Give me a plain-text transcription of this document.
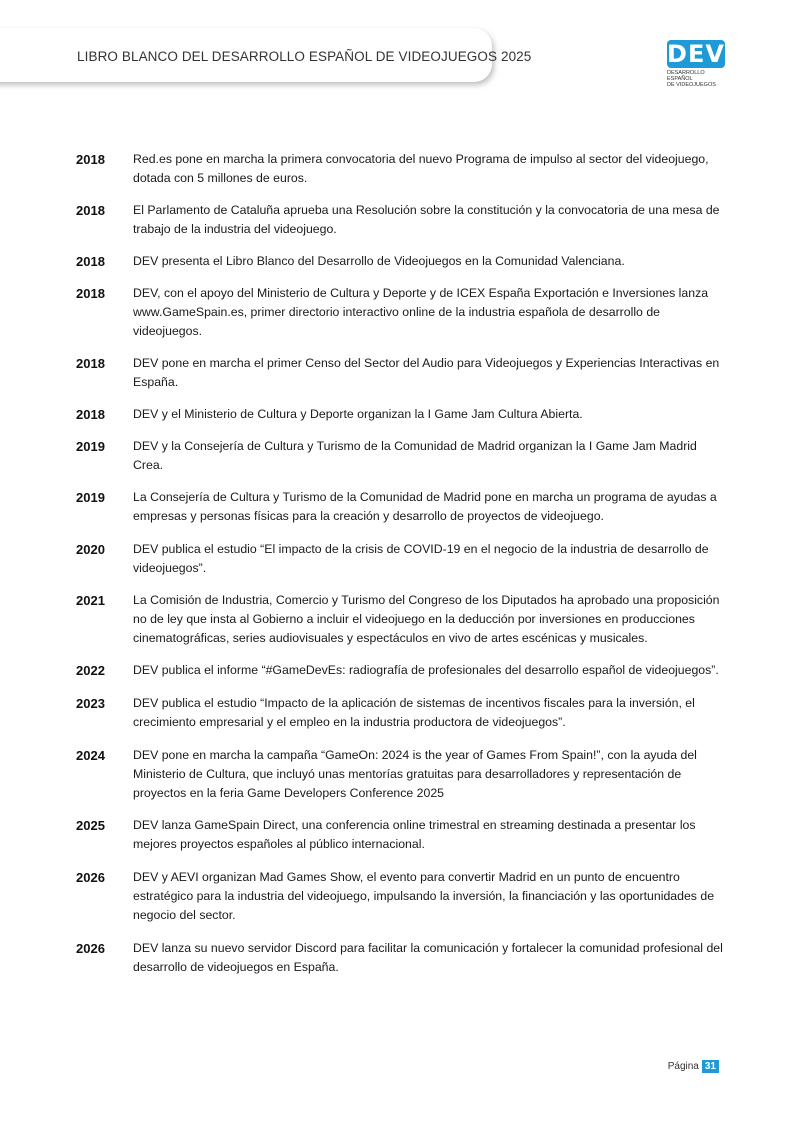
LIBRO BLANCO DEL DESARROLLO ESPAÑOL DE VIDEOJUEGOS 2025	DEV
DESARROLLO ESPAÑOL
DE VIDEOJUEGOS
2018	Red.es pone en marcha la primera convocatoria del nuevo Programa de impulso al sector del videojuego, dotada con 5 millones de euros.
2018	El Parlamento de Cataluña aprueba una Resolución sobre la constitución y la convocatoria de una mesa de trabajo de la industria del videojuego.
2018	DEV presenta el Libro Blanco del Desarrollo de Videojuegos en la Comunidad Valenciana.
2018	DEV, con el apoyo del Ministerio de Cultura y Deporte y de ICEX España Exportación e Inversiones lanza www.GameSpain.es, primer directorio interactivo online de la industria española de desarrollo de videojuegos.
2018	DEV pone en marcha el primer Censo del Sector del Audio para Videojuegos y Experiencias Interactivas en España.
2018	DEV y el Ministerio de Cultura y Deporte organizan la I Game Jam Cultura Abierta.
2019	DEV y la Consejería de Cultura y Turismo de la Comunidad de Madrid organizan la I Game Jam Madrid Crea.
2019	La Consejería de Cultura y Turismo de la Comunidad de Madrid pone en marcha un programa de ayudas a empresas y personas físicas para la creación y desarrollo de proyectos de videojuego.
2020	DEV publica el estudio “El impacto de la crisis de COVID-19 en el negocio de la industria de desarrollo de videojuegos”.
2021	La Comisión de Industria, Comercio y Turismo del Congreso de los Diputados ha aprobado una proposición no de ley que insta al Gobierno a incluir el videojuego en la deducción por inversiones en producciones cinematográficas, series audiovisuales y espectáculos en vivo de artes escénicas y musicales.
2022	DEV publica el informe “#GameDevEs: radiografía de profesionales del desarrollo español de videojuegos”.
2023	DEV publica el estudio “Impacto de la aplicación de sistemas de incentivos fiscales para la inversión, el crecimiento empresarial y el empleo en la industria productora de videojuegos”.
2024	DEV pone en marcha la campaña “GameOn: 2024 is the year of Games From Spain!”, con la ayuda del Ministerio de Cultura, que incluyó unas mentorías gratuitas para desarrolladores y representación de proyectos en la feria Game Developers Conference 2025
2025	DEV lanza GameSpain Direct, una conferencia online trimestral en streaming destinada a presentar los mejores proyectos españoles al público internacional.
2026	DEV y AEVI organizan Mad Games Show, el evento para convertir Madrid en un punto de encuentro estratégico para la industria del videojuego, impulsando la inversión, la financiación y las oportunidades de negocio del sector.
2026	DEV lanza su nuevo servidor Discord para facilitar la comunicación y fortalecer la comunidad profesional del desarrollo de videojuegos en España.
Página 31
